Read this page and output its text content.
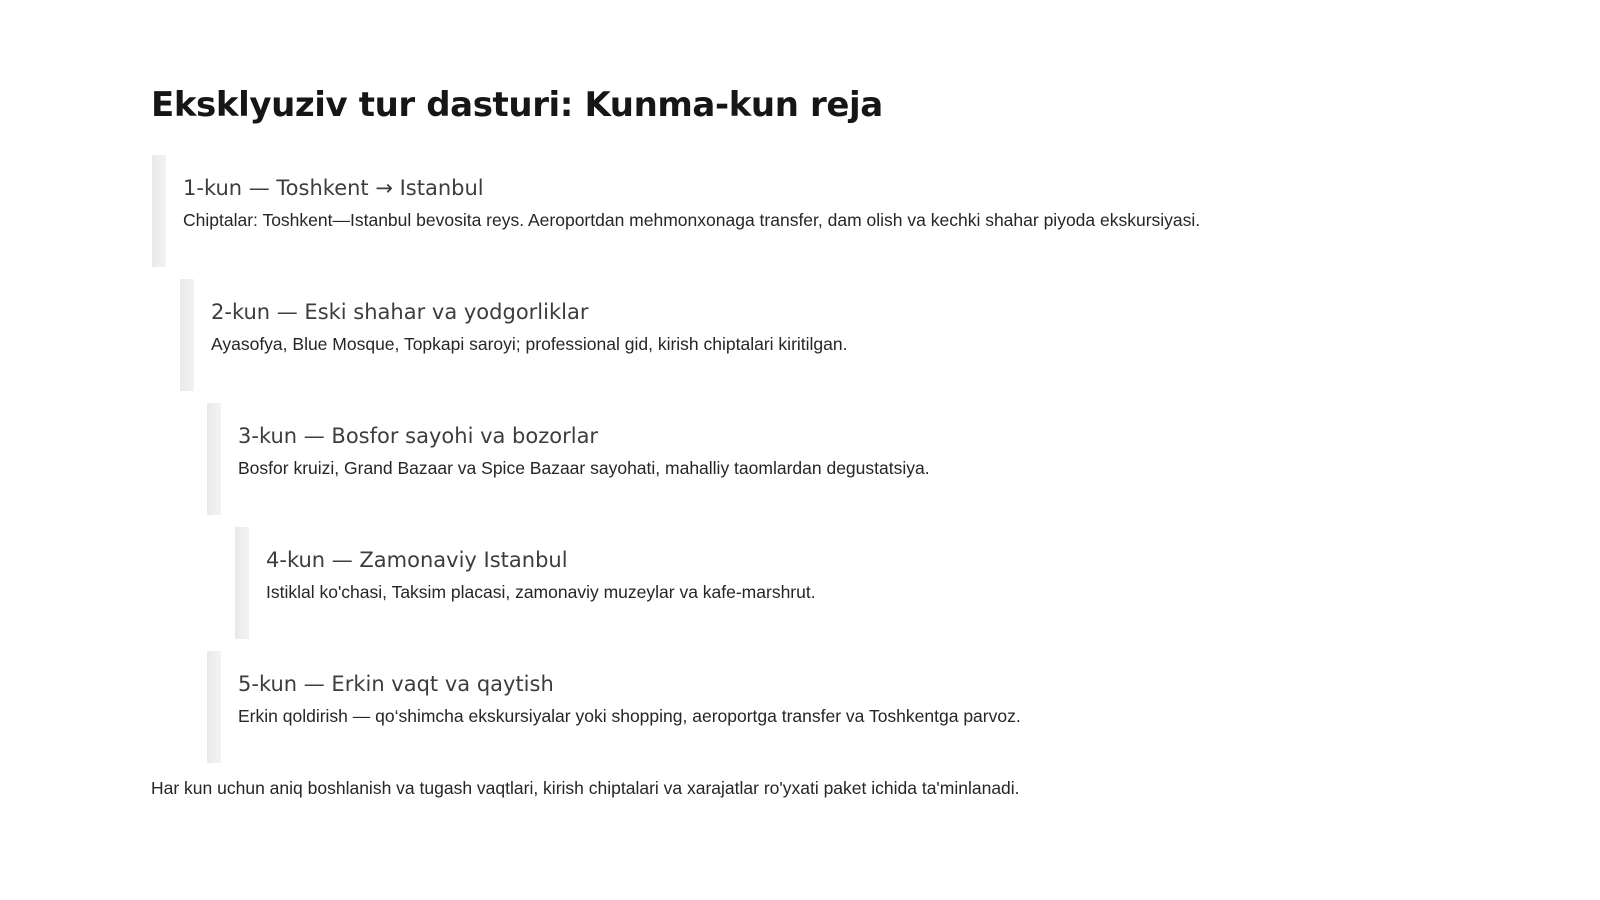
Eksklyuziv tur dasturi: Kunma-kun reja
1-kun — Toshkent → Istanbul

Chiptalar: Toshkent—Istanbul bevosita reys. Aeroportdan mehmonxonaga transfer, dam olish va kechki shahar piyoda ekskursiyasi.

2-kun — Eski shahar va yodgorliklar

Ayasofya, Blue Mosque, Topkapi saroyi; professional gid, kirish chiptalari kiritilgan.

3-kun — Bosfor sayohi va bozorlar

Bosfor kruizi, Grand Bazaar va Spice Bazaar sayohati, mahalliy taomlardan degustatsiya.

4-kun — Zamonaviy Istanbul

Istiklal ko'chasi, Taksim placasi, zamonaviy muzeylar va kafe-marshrut.

5-kun — Erkin vaqt va qaytish

Erkin qoldirish — qo‘shimcha ekskursiyalar yoki shopping, aeroportga transfer va Toshkentga parvoz.

Har kun uchun aniq boshlanish va tugash vaqtlari, kirish chiptalari va xarajatlar ro'yxati paket ichida ta'minlanadi.
